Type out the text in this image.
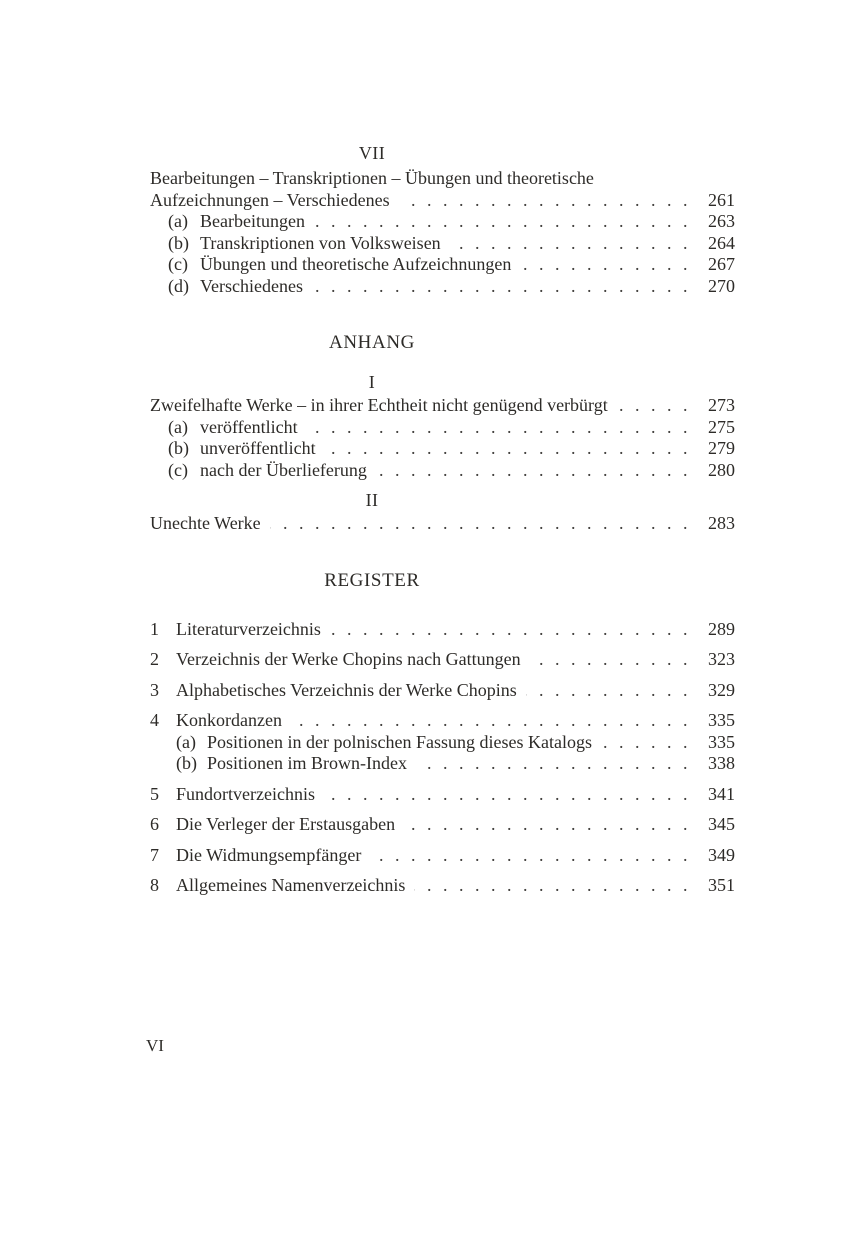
VII
Bearbeitungen – Transkriptionen – Übungen und theoretische
Aufzeichnungen – Verschiedenes . . .	261
(a) Bearbeitungen . . .	263
(b) Transkriptionen von Volksweisen . . .	264
(c) Übungen und theoretische Aufzeichnungen . . .	267
(d) Verschiedenes . . .	270
ANHANG
I
Zweifelhafte Werke – in ihrer Echtheit nicht genügend verbürgt . . .	273
(a) veröffentlicht . . .	275
(b) unveröffentlicht . . .	279
(c) nach der Überlieferung . . .	280
II
Unechte Werke . . .	283
REGISTER
1 Literaturverzeichnis . . .	289
2 Verzeichnis der Werke Chopins nach Gattungen . . .	323
3 Alphabetisches Verzeichnis der Werke Chopins . . .	329
4 Konkordanzen . . .	335
(a) Positionen in der polnischen Fassung dieses Katalogs . . .	335
(b) Positionen im Brown-Index . . .	338
5 Fundortverzeichnis . . .	341
6 Die Verleger der Erstausgaben . . .	345
7 Die Widmungsempfänger . . .	349
8 Allgemeines Namenverzeichnis . . .	351
VI
